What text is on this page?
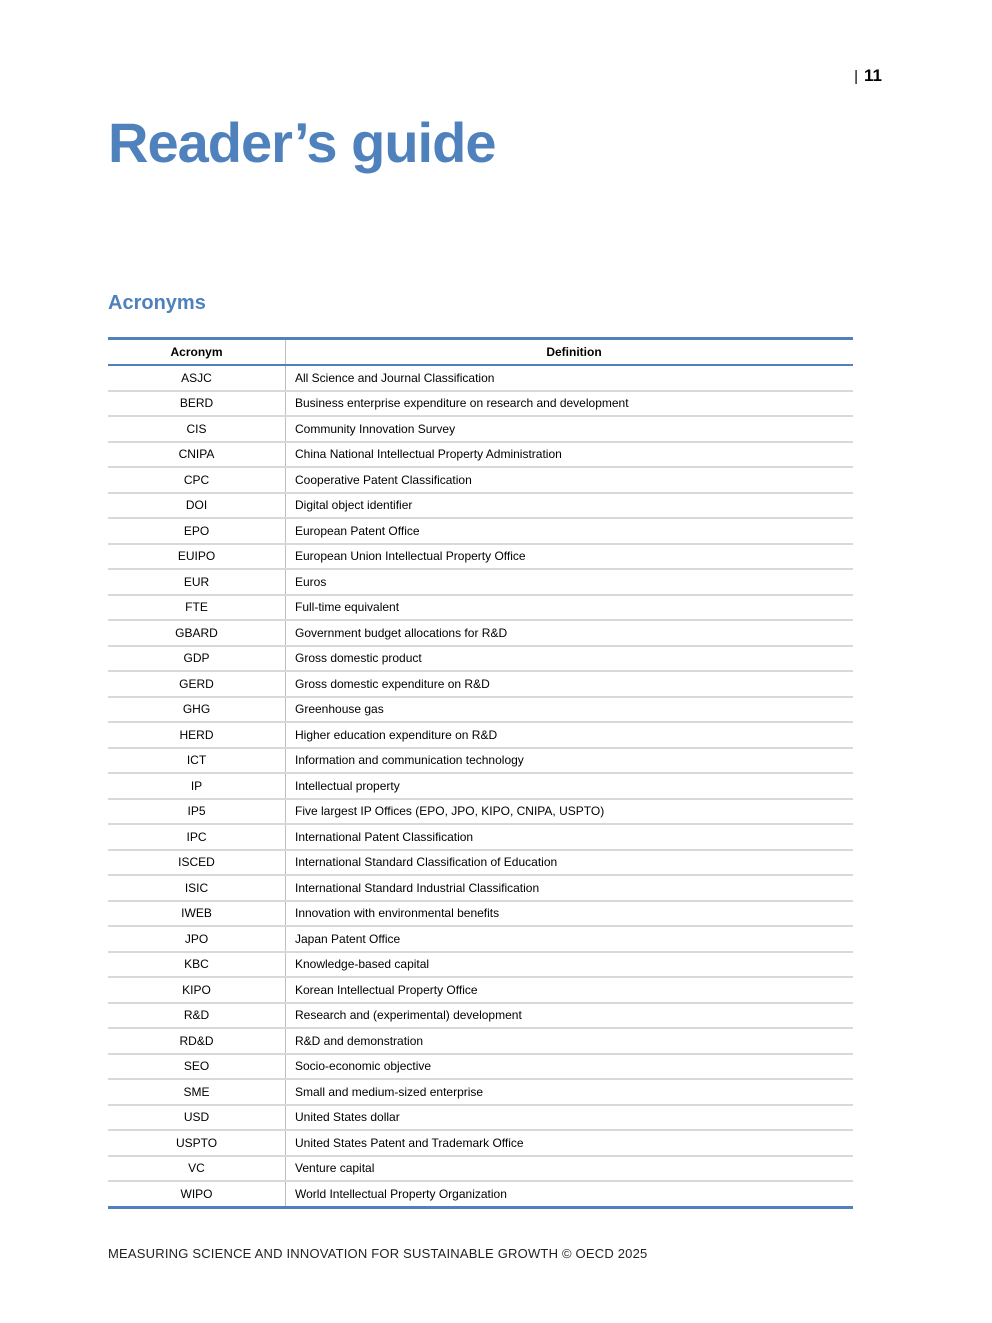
| 11
Reader’s guide
Acronyms
Acronym	Definition
ASJC	All Science and Journal Classification
BERD	Business enterprise expenditure on research and development
CIS	Community Innovation Survey
CNIPA	China National Intellectual Property Administration
CPC	Cooperative Patent Classification
DOI	Digital object identifier
EPO	European Patent Office
EUIPO	European Union Intellectual Property Office
EUR	Euros
FTE	Full-time equivalent
GBARD	Government budget allocations for R&D
GDP	Gross domestic product
GERD	Gross domestic expenditure on R&D
GHG	Greenhouse gas
HERD	Higher education expenditure on R&D
ICT	Information and communication technology
IP	Intellectual property
IP5	Five largest IP Offices (EPO, JPO, KIPO, CNIPA, USPTO)
IPC	International Patent Classification
ISCED	International Standard Classification of Education
ISIC	International Standard Industrial Classification
IWEB	Innovation with environmental benefits
JPO	Japan Patent Office
KBC	Knowledge-based capital
KIPO	Korean Intellectual Property Office
R&D	Research and (experimental) development
RD&D	R&D and demonstration
SEO	Socio-economic objective
SME	Small and medium-sized enterprise
USD	United States dollar
USPTO	United States Patent and Trademark Office
VC	Venture capital
WIPO	World Intellectual Property Organization
MEASURING SCIENCE AND INNOVATION FOR SUSTAINABLE GROWTH © OECD 2025
